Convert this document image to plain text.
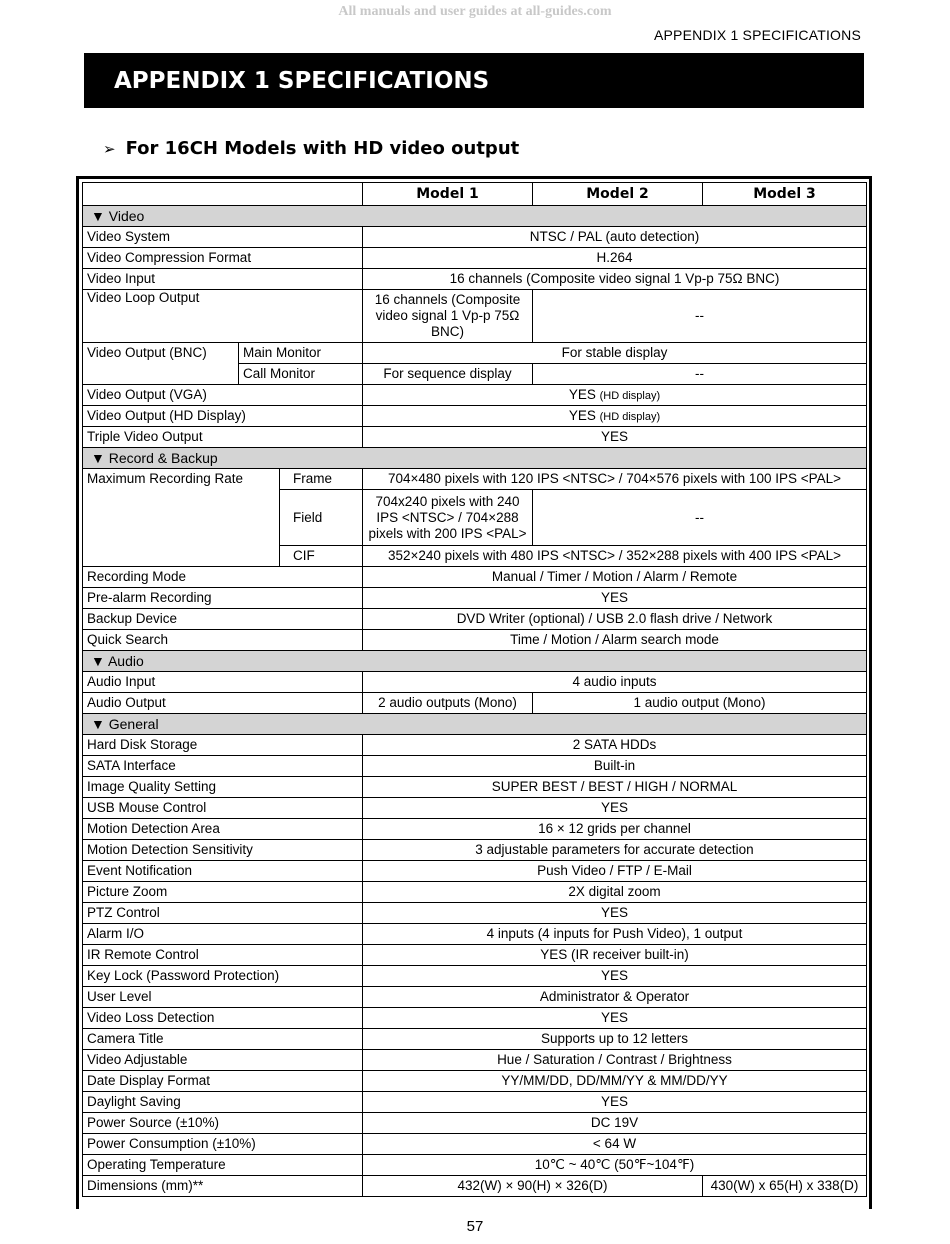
All manuals and user guides at all-guides.com
APPENDIX 1 SPECIFICATIONS
APPENDIX 1 SPECIFICATIONS
➢ For 16CH Models with HD video output
			Model 1	Model 2	Model 3
▼ Video					
Video System			NTSC / PAL (auto detection)		
Video Compression Format			H.264		
Video Input			16 channels (Composite video signal 1 Vp-p 75Ω BNC)		
Video Loop Output			16 channels (Composite video signal 1 Vp-p 75Ω BNC)	--	
Video Output (BNC)	Main Monitor		For stable display		
	Call Monitor		For sequence display	--	
Video Output (VGA)			YES (HD display)		
Video Output (HD Display)			YES (HD display)		
Triple Video Output			YES		
▼ Record & Backup					
Maximum Recording Rate		Frame	704×480 pixels with 120 IPS <NTSC> / 704×576 pixels with 100 IPS <PAL>		
		Field	704x240 pixels with 240 IPS <NTSC> / 704×288 pixels with 200 IPS <PAL>	--	
		CIF	352×240 pixels with 480 IPS <NTSC> / 352×288 pixels with 400 IPS <PAL>		
Recording Mode			Manual / Timer / Motion / Alarm / Remote		
Pre-alarm Recording			YES		
Backup Device			DVD Writer (optional) / USB 2.0 flash drive / Network		
Quick Search			Time / Motion / Alarm search mode		
▼ Audio					
Audio Input			4 audio inputs		
Audio Output			2 audio outputs (Mono)	1 audio output (Mono)	
▼ General					
Hard Disk Storage			2 SATA HDDs		
SATA Interface			Built-in		
Image Quality Setting			SUPER BEST / BEST / HIGH / NORMAL		
USB Mouse Control			YES		
Motion Detection Area			16 × 12 grids per channel		
Motion Detection Sensitivity			3 adjustable parameters for accurate detection		
Event Notification			Push Video / FTP / E-Mail		
Picture Zoom			2X digital zoom		
PTZ Control			YES		
Alarm I/O			4 inputs (4 inputs for Push Video), 1 output		
IR Remote Control			YES (IR receiver built-in)		
Key Lock (Password Protection)			YES		
User Level			Administrator & Operator		
Video Loss Detection			YES		
Camera Title			Supports up to 12 letters		
Video Adjustable			Hue / Saturation / Contrast / Brightness		
Date Display Format			YY/MM/DD, DD/MM/YY & MM/DD/YY		
Daylight Saving			YES		
Power Source (±10%)			DC 19V		
Power Consumption (±10%)			< 64 W		
Operating Temperature			10℃ ~ 40℃ (50℉~104℉)		
Dimensions (mm)**			432(W) × 90(H) × 326(D)		430(W) x 65(H) x 338(D)
57
